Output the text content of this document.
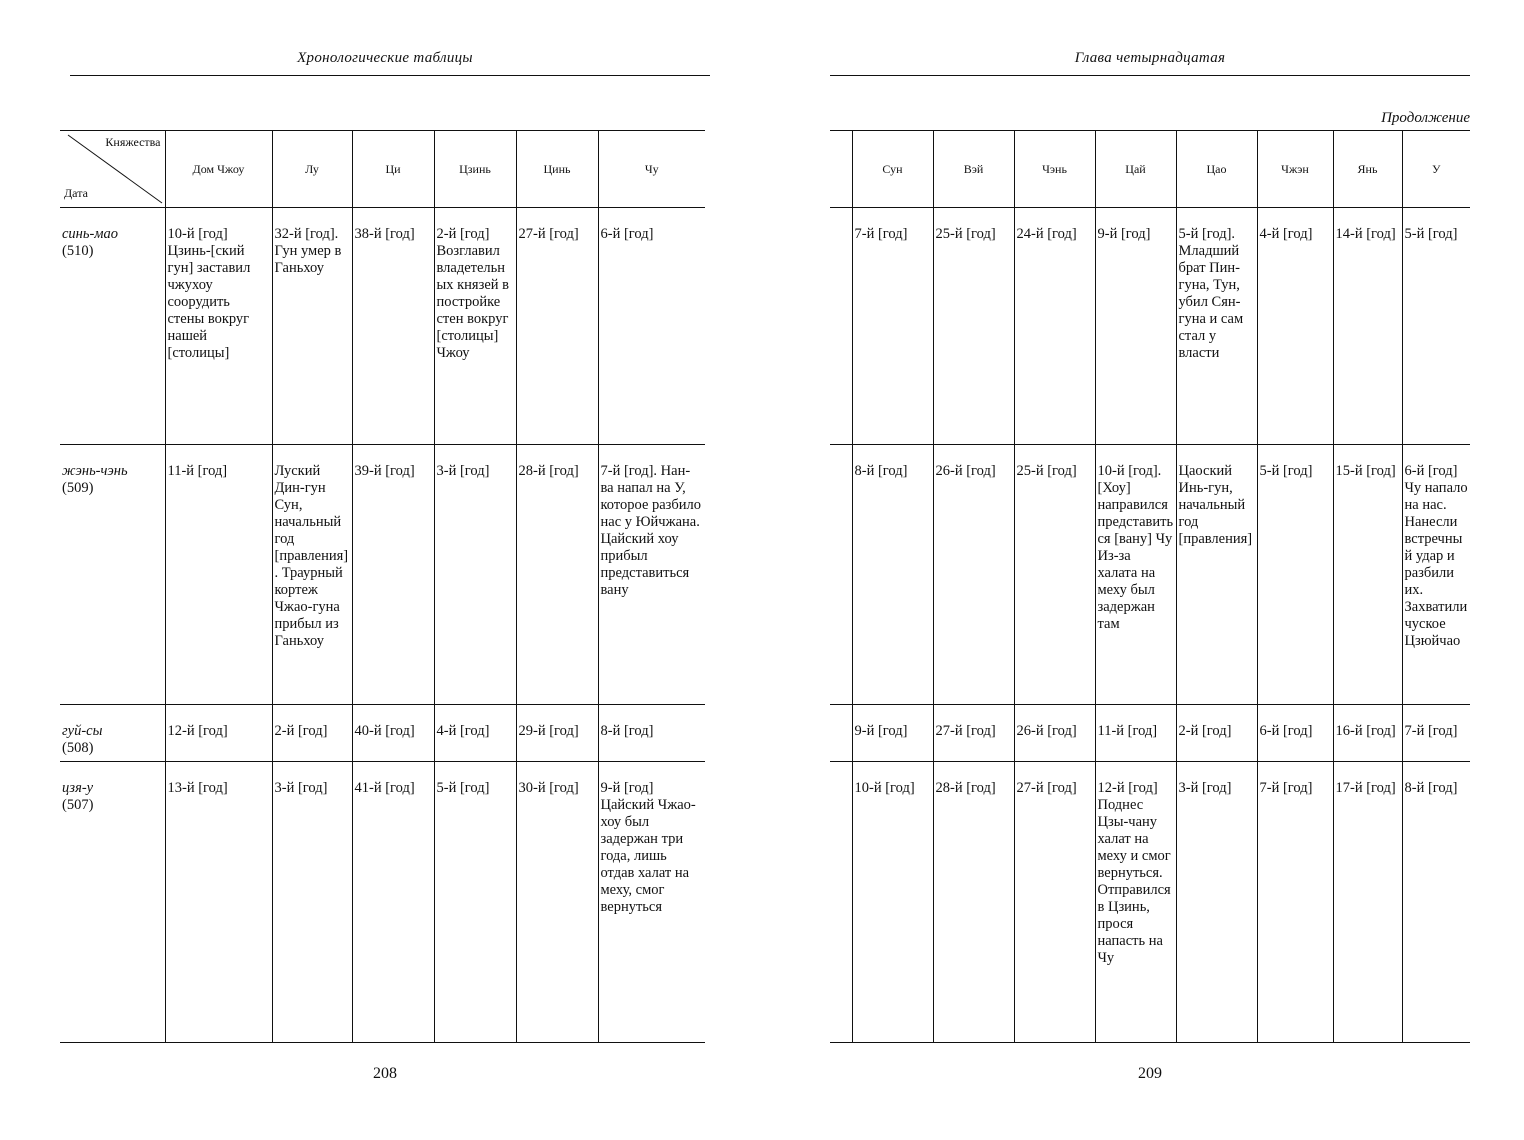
Хронологические таблицы
Княжества
Дата	Дом Чжоу	Лу	Ци	Цзинь	Цинь	Чу

синь-мао
(510)	10-й [год] Цзинь-[ский гун] заставил чжухоу соорудить стены вокруг нашей [столицы]	32-й [год]. Гун умер в Ганьхоу	38-й [год]	2-й [год] Возглавил владетельных князей в постройке стен вокруг [столицы] Чжоу	27-й [год]	6-й [год]

жэнь-чэнь
(509)	11-й [год]	Луский Дин-гун Сун, начальный год [правления]. Траурный кортеж Чжао-гуна прибыл из Ганьхоу	39-й [год]	3-й [год]	28-й [год]	7-й [год]. Нан-ва напал на У, которое разбило нас у Юйчжана. Цайский хоу прибыл представиться вану

гуй-сы
(508)	12-й [год]	2-й [год]	40-й [год]	4-й [год]	29-й [год]	8-й [год]

цзя-у
(507)	13-й [год]	3-й [год]	41-й [год]	5-й [год]	30-й [год]	9-й [год] Цайский Чжао-хоу был задержан три года, лишь отдав халат на меху, смог вернуться
208
Глава четырнадцатая
Продолжение
	Сун	Вэй	Чэнь	Цай	Цао	Чжэн	Янь	У
	7-й [год]	25-й [год]	24-й [год]	9-й [год]	5-й [год]. Младший брат Пин-гуна, Тун, убил Сян-гуна и сам стал у власти	4-й [год]	14-й [год]	5-й [год]
	8-й [год]	26-й [год]	25-й [год]	10-й [год]. [Хоу] направился представиться [вану] Чу Из-за халата на меху был задержан там	Цаоский Инь-гун, начальный год [правления]	5-й [год]	15-й [год]	6-й [год] Чу напало на нас. Нанесли встречный удар и разбили их. Захватили чуское Цзюйчао
	9-й [год]	27-й [год]	26-й [год]	11-й [год]	2-й [год]	6-й [год]	16-й [год]	7-й [год]
	10-й [год]	28-й [год]	27-й [год]	12-й [год] Поднес Цзы-чану халат на меху и смог вернуться. Отправился в Цзинь, прося напасть на Чу	3-й [год]	7-й [год]	17-й [год]	8-й [год]
209
